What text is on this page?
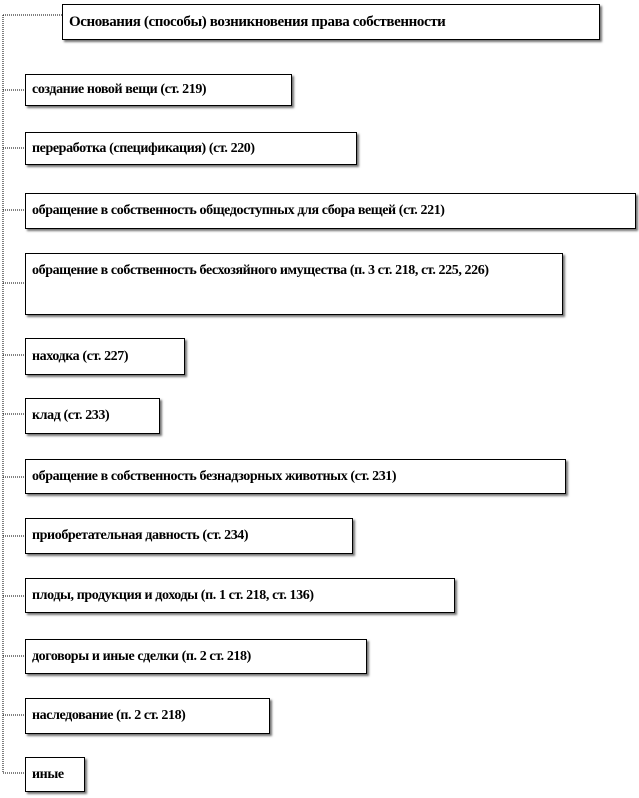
Основания (способы) возникновения права собственности
создание новой вещи (ст. 219)
переработка (спецификация) (ст. 220)
обращение в собственность общедоступных для сбора вещей (ст. 221)
обращение в собственность бесхозяйного имущества (п. 3 ст. 218, ст. 225, 226)
находка (ст. 227)
клад (ст. 233)
обращение в собственность безнадзорных животных (ст. 231)
приобретательная давность (ст. 234)
плоды, продукция и доходы (п. 1 ст. 218, ст. 136)
договоры и иные сделки (п. 2 ст. 218)
наследование (п. 2 ст. 218)
иные
